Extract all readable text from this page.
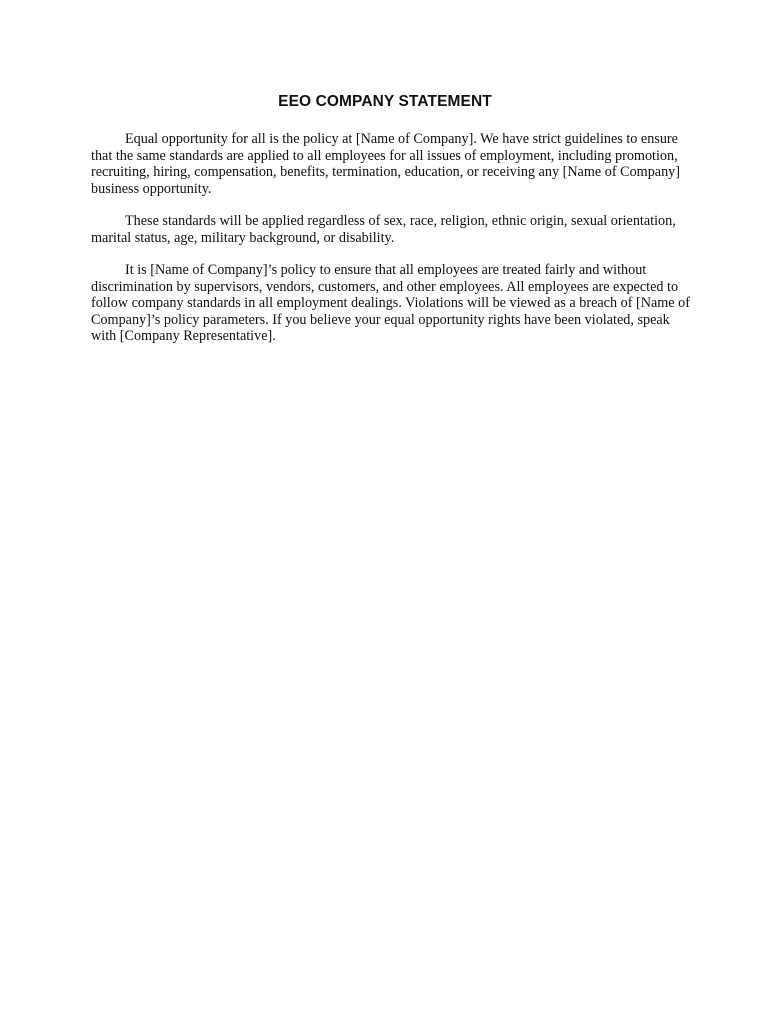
EEO COMPANY STATEMENT

Equal opportunity for all is the policy at [Name of Company]. We have strict guidelines to ensure
that the same standards are applied to all employees for all issues of employment, including promotion,
recruiting, hiring, compensation, benefits, termination, education, or receiving any [Name of Company]
business opportunity.

These standards will be applied regardless of sex, race, religion, ethnic origin, sexual orientation,
marital status, age, military background, or disability.

It is [Name of Company]’s policy to ensure that all employees are treated fairly and without
discrimination by supervisors, vendors, customers, and other employees. All employees are expected to
follow company standards in all employment dealings. Violations will be viewed as a breach of [Name of
Company]’s policy parameters. If you believe your equal opportunity rights have been violated, speak
with [Company Representative].
